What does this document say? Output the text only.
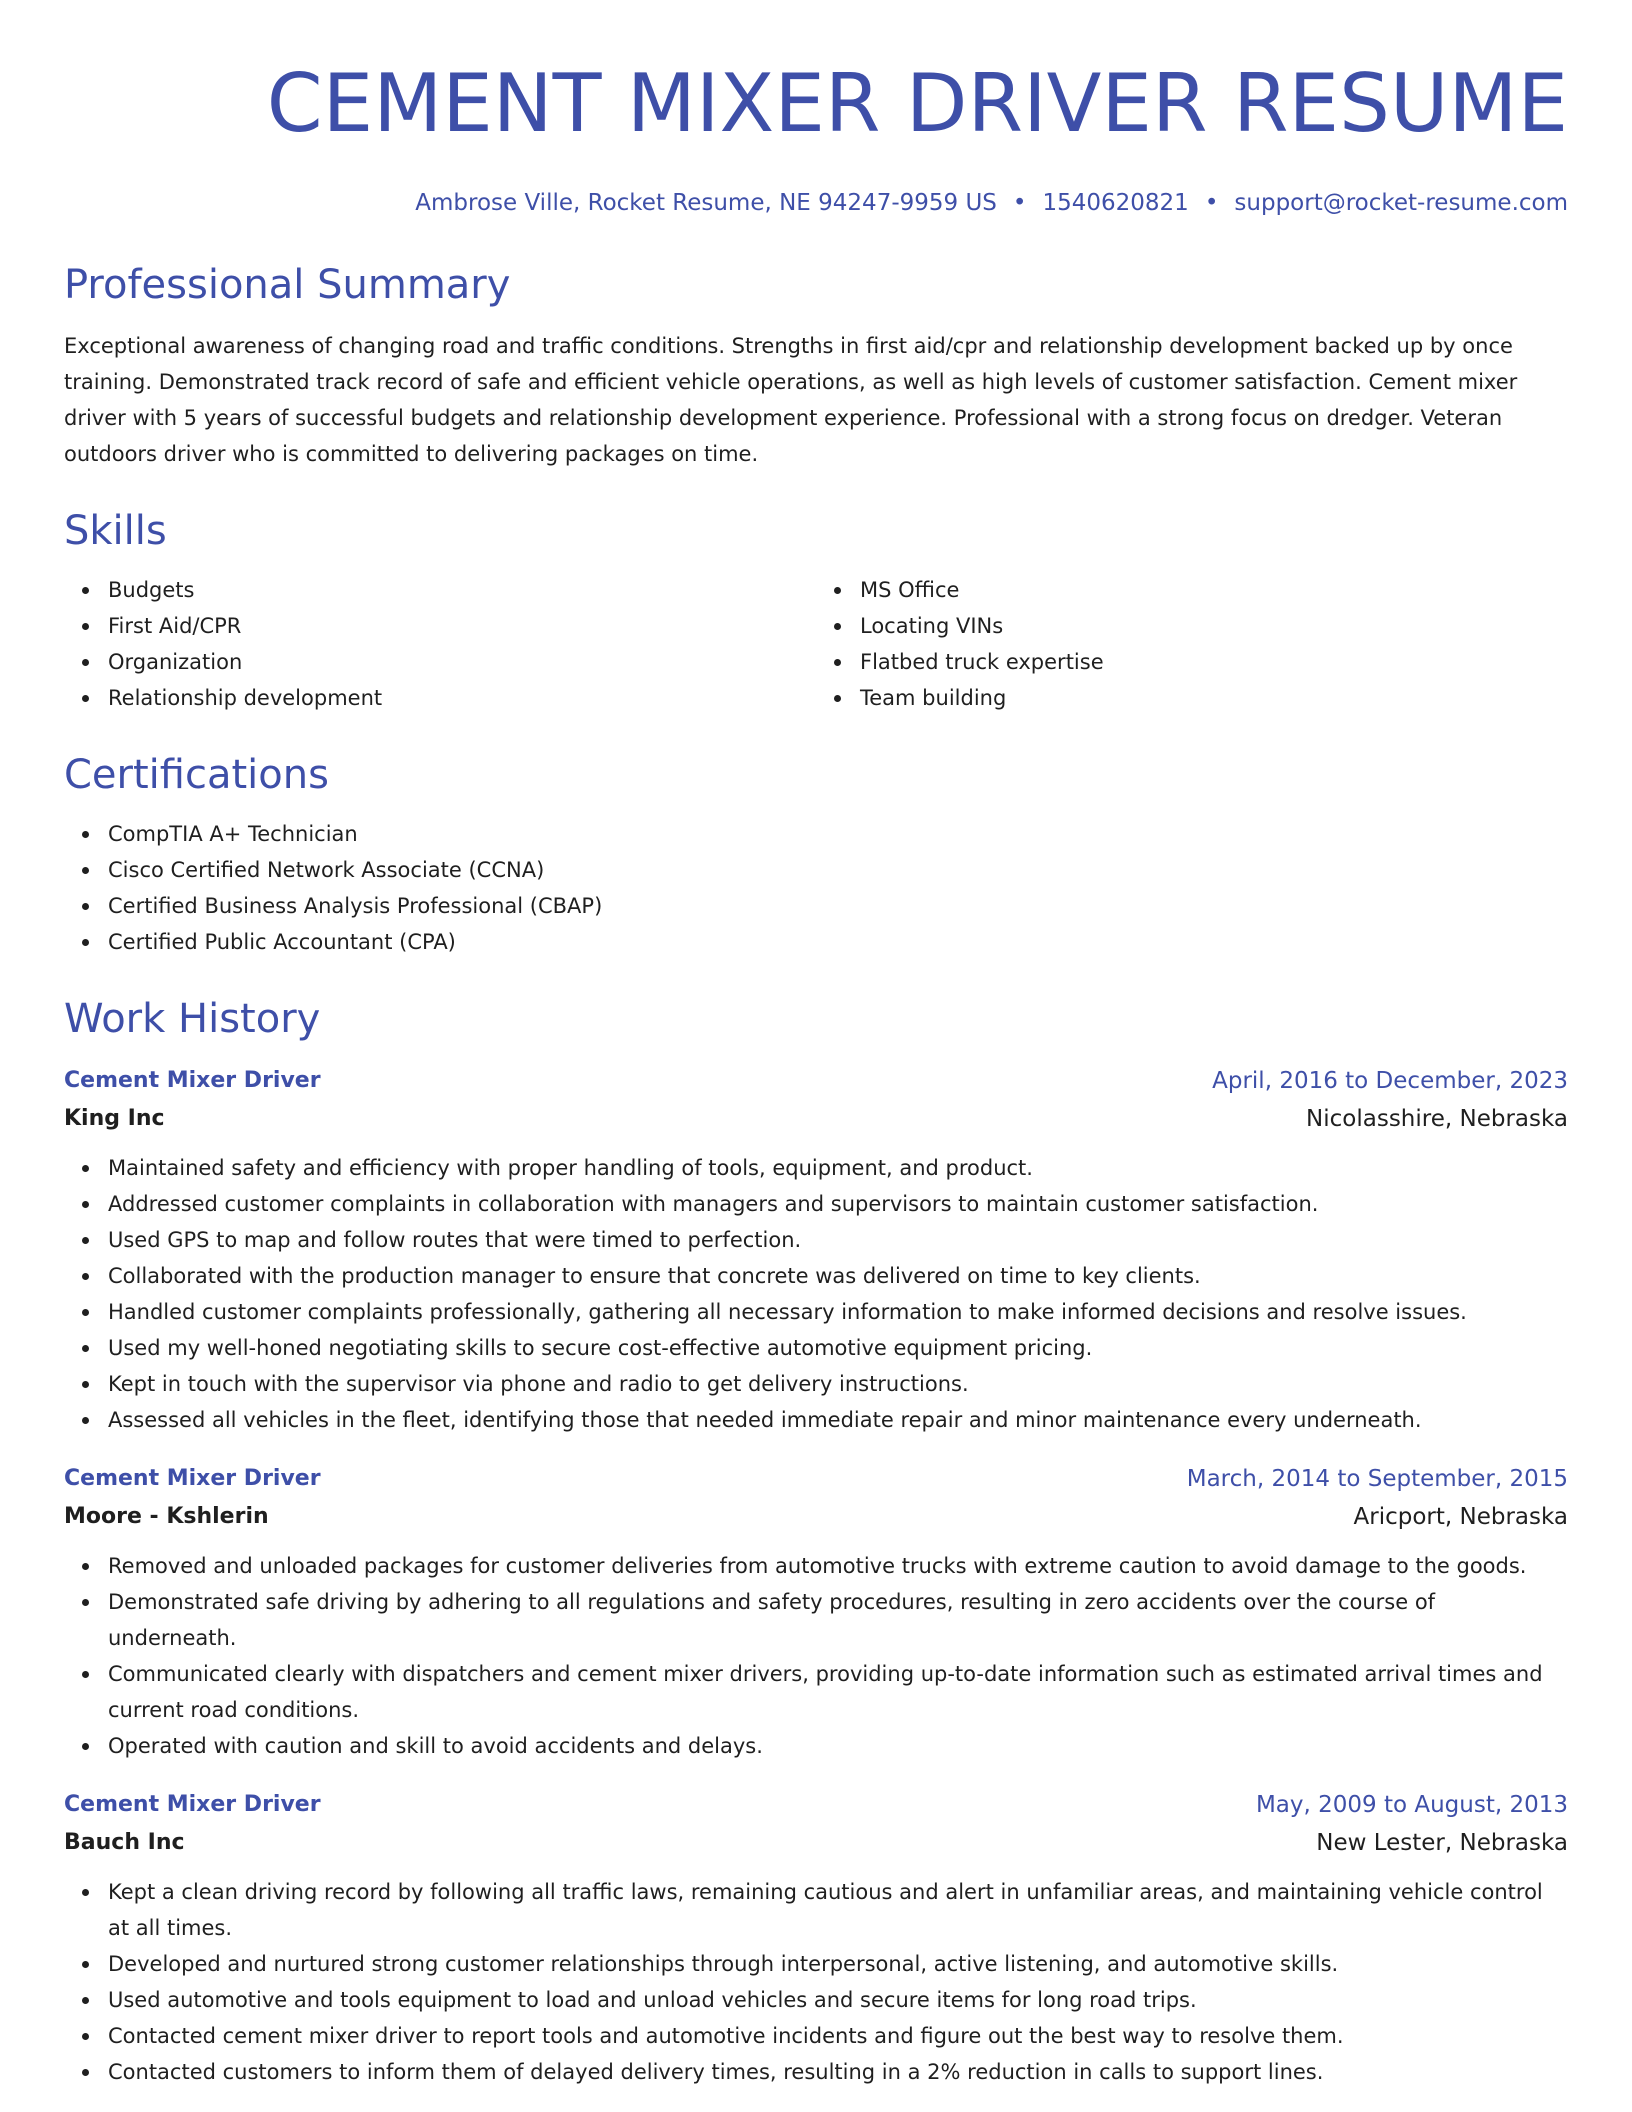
CEMENT MIXER DRIVER RESUME
Ambrose Ville, Rocket Resume, NE 94247-9959 US • 1540620821 • support@rocket-resume.com
Professional Summary
Exceptional awareness of changing road and traffic conditions. Strengths in first aid/cpr and relationship development backed up by once training. Demonstrated track record of safe and efficient vehicle operations, as well as high levels of customer satisfaction. Cement mixer driver with 5 years of successful budgets and relationship development experience. Professional with a strong focus on dredger. Veteran outdoors driver who is committed to delivering packages on time.
Skills
Budgets
First Aid/CPR
Organization
Relationship development
MS Office
Locating VINs
Flatbed truck expertise
Team building
Certifications
CompTIA A+ Technician
Cisco Certified Network Associate (CCNA)
Certified Business Analysis Professional (CBAP)
Certified Public Accountant (CPA)
Work History
Cement Mixer Driver	April, 2016 to December, 2023
King Inc	Nicolasshire, Nebraska
Maintained safety and efficiency with proper handling of tools, equipment, and product.
Addressed customer complaints in collaboration with managers and supervisors to maintain customer satisfaction.
Used GPS to map and follow routes that were timed to perfection.
Collaborated with the production manager to ensure that concrete was delivered on time to key clients.
Handled customer complaints professionally, gathering all necessary information to make informed decisions and resolve issues.
Used my well-honed negotiating skills to secure cost-effective automotive equipment pricing.
Kept in touch with the supervisor via phone and radio to get delivery instructions.
Assessed all vehicles in the fleet, identifying those that needed immediate repair and minor maintenance every underneath.
Cement Mixer Driver	March, 2014 to September, 2015
Moore - Kshlerin	Aricport, Nebraska
Removed and unloaded packages for customer deliveries from automotive trucks with extreme caution to avoid damage to the goods.
Demonstrated safe driving by adhering to all regulations and safety procedures, resulting in zero accidents over the course of underneath.
Communicated clearly with dispatchers and cement mixer drivers, providing up-to-date information such as estimated arrival times and current road conditions.
Operated with caution and skill to avoid accidents and delays.
Cement Mixer Driver	May, 2009 to August, 2013
Bauch Inc	New Lester, Nebraska
Kept a clean driving record by following all traffic laws, remaining cautious and alert in unfamiliar areas, and maintaining vehicle control at all times.
Developed and nurtured strong customer relationships through interpersonal, active listening, and automotive skills.
Used automotive and tools equipment to load and unload vehicles and secure items for long road trips.
Contacted cement mixer driver to report tools and automotive incidents and figure out the best way to resolve them.
Contacted customers to inform them of delayed delivery times, resulting in a 2% reduction in calls to support lines.
